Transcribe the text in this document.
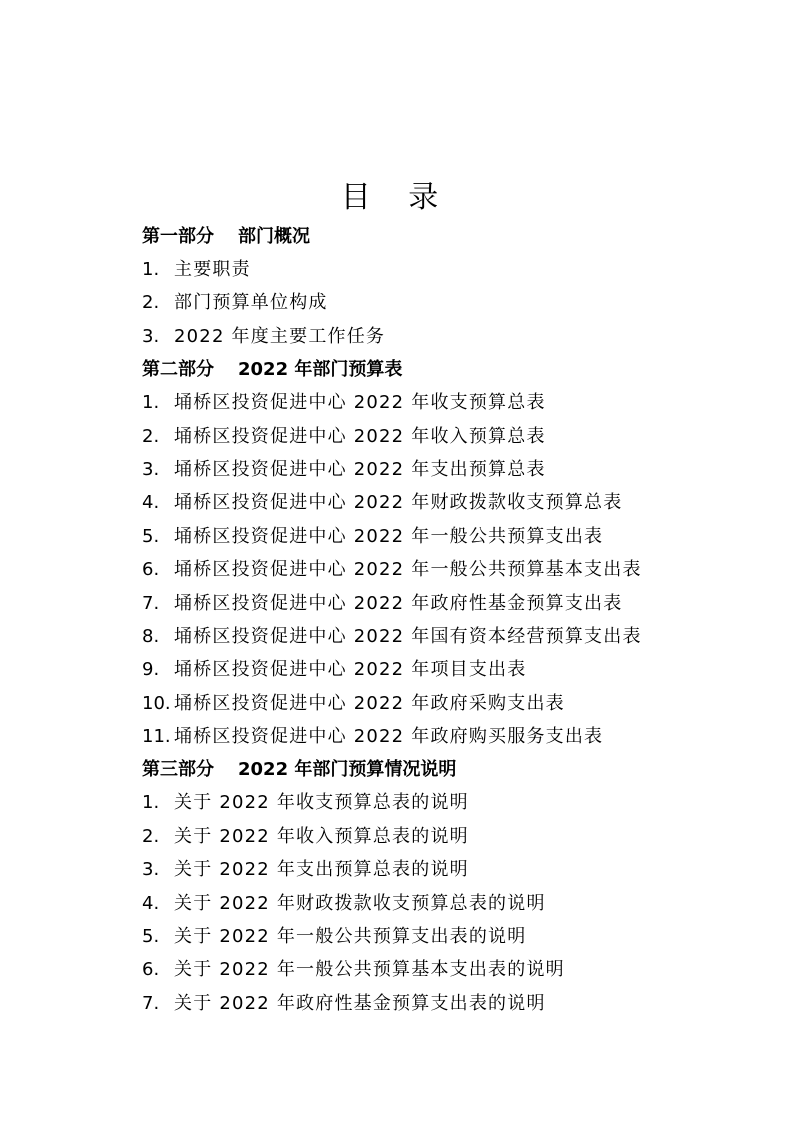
目 录
第一部分 部门概况
1. 主要职责
2. 部门预算单位构成
3. 2022 年度主要工作任务
第二部分 2022 年部门预算表
1. 埇桥区投资促进中心 2022 年收支预算总表
2. 埇桥区投资促进中心 2022 年收入预算总表
3. 埇桥区投资促进中心 2022 年支出预算总表
4. 埇桥区投资促进中心 2022 年财政拨款收支预算总表
5. 埇桥区投资促进中心 2022 年一般公共预算支出表
6. 埇桥区投资促进中心 2022 年一般公共预算基本支出表
7. 埇桥区投资促进中心 2022 年政府性基金预算支出表
8. 埇桥区投资促进中心 2022 年国有资本经营预算支出表
9. 埇桥区投资促进中心 2022 年项目支出表
10. 埇桥区投资促进中心 2022 年政府采购支出表
11. 埇桥区投资促进中心 2022 年政府购买服务支出表
第三部分 2022 年部门预算情况说明
1. 关于 2022 年收支预算总表的说明
2. 关于 2022 年收入预算总表的说明
3. 关于 2022 年支出预算总表的说明
4. 关于 2022 年财政拨款收支预算总表的说明
5. 关于 2022 年一般公共预算支出表的说明
6. 关于 2022 年一般公共预算基本支出表的说明
7. 关于 2022 年政府性基金预算支出表的说明
